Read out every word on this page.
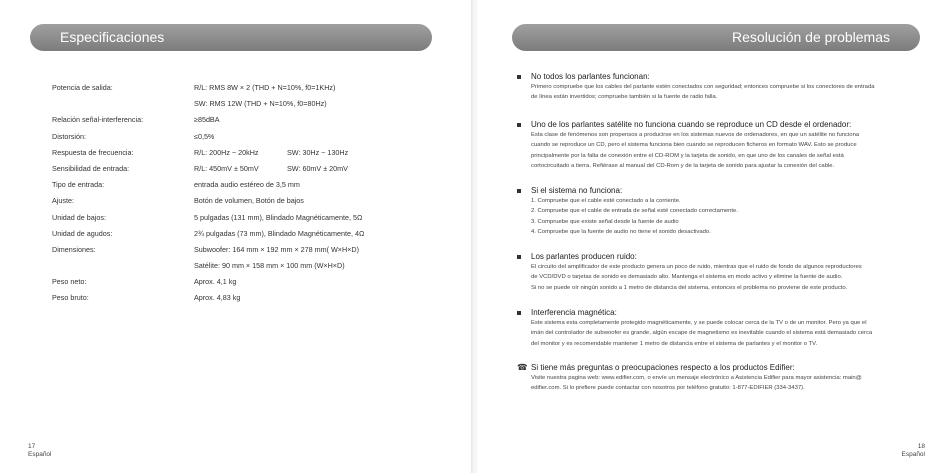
Especificaciones
Potencia de salida:	R/L: RMS 8W × 2 (THD + N=10%, f0=1KHz)
SW: RMS 12W (THD + N=10%, f0=80Hz)
Relación señal-interferencia:	≥85dBA
Distorsión:	≤0,5%
Respuesta de frecuencia:	R/L: 200Hz ~ 20kHz	SW: 30Hz ~ 130Hz
Sensibilidad de entrada:	R/L: 450mV ± 50mV	SW: 60mV ± 20mV
Tipo de entrada:	entrada audio estéreo de 3,5 mm
Ajuste:	Botón de volumen, Botón de bajos
Unidad de bajos:	5 pulgadas (131 mm), Blindado Magnéticamente, 5Ω
Unidad de agudos:	2¾ pulgadas (73 mm), Blindado Magnéticamente, 4Ω
Dimensiones:	Subwoofer: 164 mm × 192 mm × 278 mm( W×H×D)
Satélite: 90 mm × 158 mm × 100 mm (W×H×D)
Peso neto:	Aprox. 4,1 kg
Peso bruto:	Aprox. 4,83 kg
17
Español
Resolución de problemas
No todos los parlantes funcionan:
Primero compruebe que los cables del parlante estén conectados con seguridad; entonces compruebe si los conectores de entrada
de línea están invertidos; compruebe también si la fuente de radio falla.
Uno de los parlantes satélite no funciona cuando se reproduce un CD desde el ordenador:
Esta clase de fenómenos son propensos a producirse en los sistemas nuevos de ordenadores, en que un satélite no funciona
cuando se reproduce un CD, pero el sistema funciona bien cuando se reproducen ficheros en formato WAV. Esto se produce
principalmente por la falta de conexión entre el CD-ROM y la tarjeta de sonido, en que uno de los canales de señal está
cortocircuitado a tierra. Refiérase al manual del CD-Rom y de la tarjeta de sonido para ajustar la conexión del cable.
Si el sistema no funciona:
1. Compruebe que el cable esté conectado a la corriente.
2. Compruebe que el cable de entrada de señal esté conectado correctamente.
3. Compruebe que existe señal desde la fuente de audio
4. Compruebe que la fuente de audio no tiene el sonido desactivado.
Los parlantes producen ruido:
El circuito del amplificador de este producto genera un poco de ruido, mientras que el ruido de fondo de algunos reproductores
de VCD/DVD o tarjetas de sonido es demasiado alto. Mantenga el sistema en modo activo y elimine la fuente de audio.
Si no se puede oír ningún sonido a 1 metro de distancia del sistema, entonces el problema no proviene de este producto.
Interferencia magnética:
Este sistema esta completamente protegido magnéticamente, y se puede colocar cerca de la TV o de un monitor. Pero ya que el
imán del controlador de subwoofer es grande, algún escape de magnetismo es inevitable cuando el sistema está demasiado cerca
del monitor y es recomendable mantener 1 metro de distancia entre el sistema de parlantes y el monitor o TV.
☎ Si tiene más preguntas o preocupaciones respecto a los productos Edifier:
Visite nuestra pagina web: www.edifier.com, o envíe un mensaje electrónico a Asistencia Edifier para mayor asistencia: main@
edifier.com. Si lo prefiere puede contactar con nosotros por teléfono gratuito: 1-877-EDIFIER (334-3437).
18
Español
